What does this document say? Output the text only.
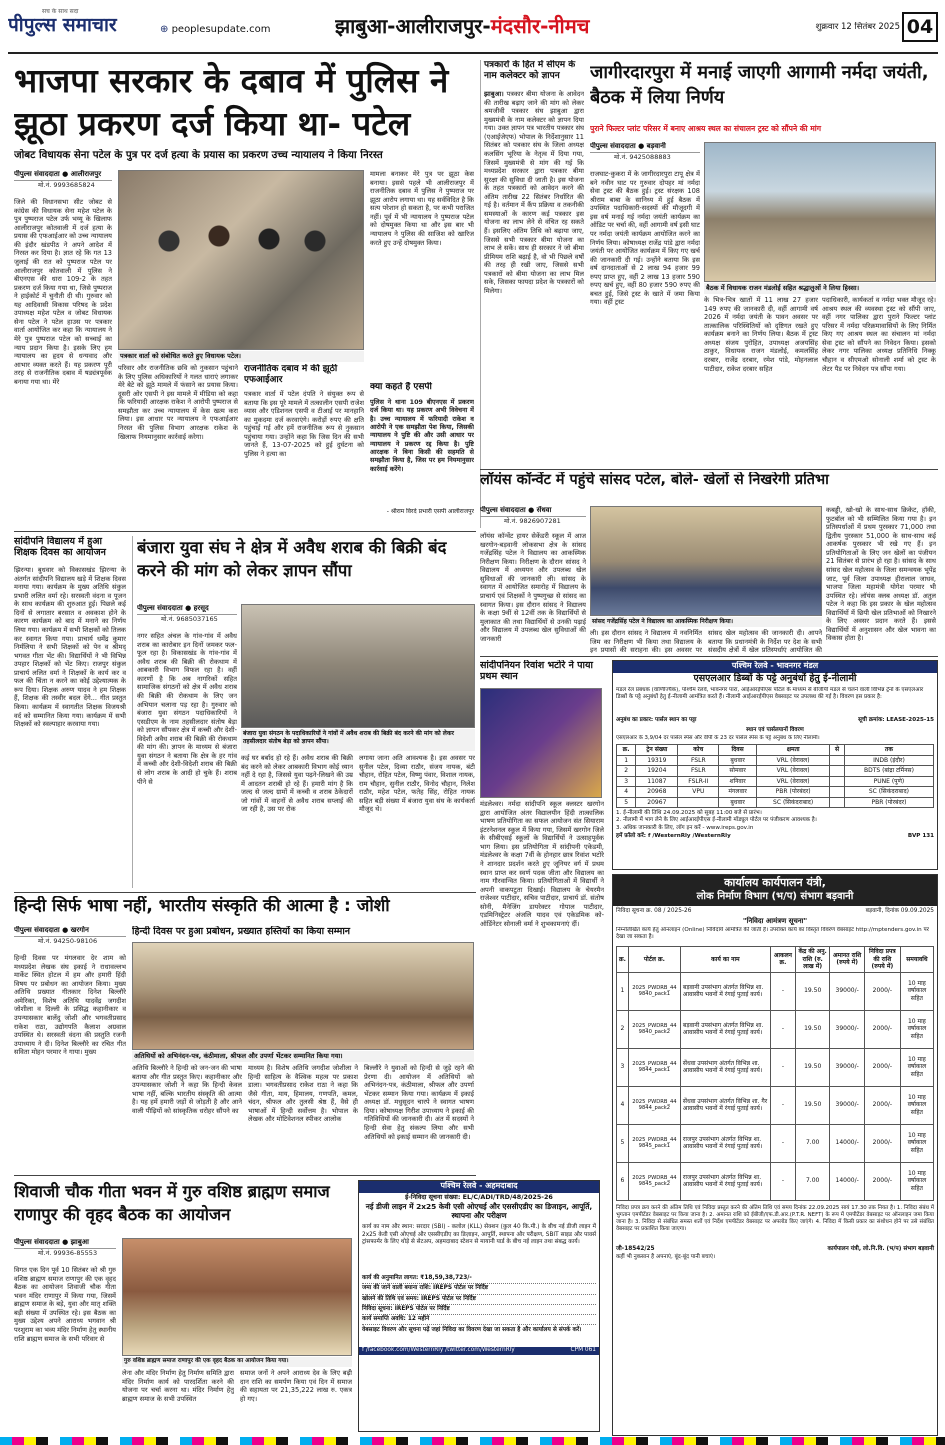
सच के साथ सदा
पीपुल्स समाचार	⊕ peoplesupdate.com	झाबुआ-आलीराजपुर-मंदसौर-नीमच	शुक्रवार 12 सितंबर 2025 04
भाजपा सरकार के दबाव में पुलिस ने झूठा प्रकरण दर्ज किया था- पटेल
जोबट विधायक सेना पटेल के पुत्र पर दर्ज हत्या के प्रयास का प्रकरण उच्च न्यायालय ने किया निरस्त
पीपुल्स संवाददाता ● आलीराजपुर
मो.नं. 9993685824
जिले की विधानसभा सीट जोबट से कांग्रेस की विधायक सेना महेश पटेल के पुत्र पुष्पराज पटेल उर्फ भय्यू के खिलाफ आलीराजपुर कोतवाली में दर्ज हत्या के प्रयास की एफआईआर को उच्च न्यायालय की इंदौर खंडपीठ ने अपने आदेश में निरस्त कर दिया है। ज्ञात रहे कि गत 13 जुलाई की रात को पुष्पराज पटेल पर आलीराजपुर कोतवाली में पुलिस ने बीएनएस की धारा 109-2 के तहत प्रकरण दर्ज किया गया था, जिसे पुष्पराज ने हाईकोर्ट में चुनौती दी थी। गुरुवार को यह आदिवासी विकास परिषद के प्रदेश उपाध्यक्ष महेश पटेल व जोबट विधायक सेना पटेल ने पटेल हाउस पर पत्रकार वार्ता आयोजित कर कहा कि न्यायालय ने मेरे पुत्र पुष्पराज पटेल को सच्चाई का न्याय प्रदान किया है। इसके लिए हम न्यायालय का हृदय से धन्यवाद और आभार व्यक्त करते हैं। यह प्रकरण पूरी तरह से राजनीतिक दबाव में षड्यंत्रपूर्वक बनाया गया था। मेरे
पत्रकार वार्ता को संबोधित करते हुए विधायक पटेल।
परिवार और राजनीतिक छवि को नुकसान पहुंचाने के लिए पुलिस अधिकारियों ने गलत धाराएं लगाकर मेरे बेटे को झूठे मामले में फंसाने का प्रयास किया। दूसरी ओर एसपी ने इस मामले में मीडिया को कहा कि फरियादी आरक्षक राकेश ने आरोपी पुष्पराज से समझौता कर उच्च न्यायालय में केस खत्म करा लिया। इस आधार पर न्यायालय ने एफआईआर निरस्त की पुलिस विभाग आरक्षक राकेश के खिलाफ नियमानुसार कार्रवाई करेगा।
राजनीतिक दबाव में की झूठी एफआईआर
पत्रकार वार्ता में पटेल दंपति ने संयुक्त रूप से बताया कि इस पूरे मामले में तत्कालीन एसपी राजेश व्यास और एडिशनल एसपी व टीआई पर मानहानि का मुकदमा दर्ज करवाएंगे। करोड़ों रुपए की क्षति पहुंचाई गई और हमें राजनीतिक रूप से नुकसान पहुंचाया गया। उन्होंने कहा कि जिस दिन की सभी जानते हैं, 13-07-2025 को हुई दुर्घटना को पुलिस ने हत्या का
मामला बनाकर मेरे पुत्र पर झूठा केस बनाया। इससे पहले भी आलीराजपुर में राजनीतिक दबाव में पुलिस ने पुष्पराज पर झूठा आरोप लगाया था। यह सर्वविदित है कि सत्य परेशान हो सकता है, पर कभी पराजित नहीं। पूर्व में भी न्यायालय ने पुष्पराज पटेल को दोषमुक्त किया था और इस बार भी न्यायालय ने पुलिस की साजिश को खारिज करते हुए उन्हें दोषमुक्त किया।
क्या कहते हैं एसपी
पुलिस ने थाना 109 बीएनएस में प्रकरण दर्ज किया था। यह प्रकरण अभी विवेचना में है। उच्च न्यायालय में फरियादी राकेश व आरोपी ने एक समझौता पेश किया, जिसकी न्यायालय ने पुष्टि की और उसी आधार पर न्यायालय ने प्रकरण रद्द किया है। पुष्टि आरक्षक ने बिना किसी की सहमति से समझौता किया है, जिस पर हम नियमानुसार कार्रवाई करेंगे।
- श्रीराम विरदे प्रभारी एसपी आलीराजपुर
पत्रकारों के हित में सीएम के नाम कलेक्टर को ज्ञापन
झाबुआ। पत्रकार बीमा योजना के आवेदन की तारीख बढ़ाए जाने की मांग को लेकर श्रमजीवी पत्रकार संघ झाबुआ द्वारा मुख्यमंत्री के नाम कलेक्टर को ज्ञापन दिया गया। उक्त ज्ञापन पत्र भारतीय पत्रकार संघ (एआईजेएफ) भोपाल के निर्देशानुसार 11 सितंबर को पत्रकार संघ के जिला अध्यक्ष कलसिंग भूरिया के नेतृत्व में दिया गया, जिसमें मुख्यमंत्री से मांग की गई कि मध्यप्रदेश सरकार द्वारा पत्रकार बीमा सुरक्षा की सुविधा दी जाती है। इस योजना के तहत पत्रकारों को आवेदन करने की अंतिम तारीख 22 सितंबर निर्धारित की गई है। वर्तमान में कैंप प्रक्रिया व तकनीकी समस्याओं के कारण कई पत्रकार इस योजना का लाभ लेने से वंचित रह सकते हैं। इसलिए अंतिम तिथि को बढ़ाया जाए, जिससे सभी पत्रकार बीमा योजना का लाभ ले सकें। साथ ही सरकार ने जो बीमा प्रीमियम राशि बढ़ाई है, वो भी पिछले वर्षों की तरह ही रखी जाए, जिससे सभी पत्रकारों को बीमा योजना का लाभ मिल सके, जिसका फायदा प्रदेश के पत्रकारों को मिलेगा।
जागीरदारपुरा में मनाई जाएगी आगामी नर्मदा जयंती, बैठक में लिया निर्णय
पुराने फिल्टर प्लांट परिसर में बनाए आश्रय स्थल का संचालन ट्रस्ट को सौंपने की मांग
पीपुल्स संवाददाता ● बड़वानी
मो.नं. 9425088883
बैठक में विधायक राजन मंडलोई सहित श्रद्धालुओं ने लिया हिस्सा।
राजघाट-कुकरा में के जागीरदारपुरा टापू क्षेत्र में बने नवीन घाट पर गुरुवार दोपहर मां नर्मदा सेवा ट्रस्ट की बैठक हुई। ट्रस्ट संरक्षक 108 श्रीराम बाबा के सानिध्य में हुई बैठक में उपस्थित पदाधिकारी-सदस्यों की मौजूदगी में इस वर्ष मनाई गई नर्मदा जयंती कार्यक्रम का ऑडिट पर चर्चा की, वहीं आगामी वर्ष इसी घाट पर नर्मदा जयंती कार्यक्रम आयोजित करने का निर्णय लिया। कोषाध्यक्ष राजेंद्र पांडे द्वारा नर्मदा जयंती पर आयोजित कार्यक्रम में किए गए खर्च की जानकारी दी गई। उन्होंने बताया कि इस वर्ष दानदाताओं से 2 लाख 94 हजार 99 रुपए प्राप्त हुए, वहीं 2 लाख 13 हजार 590 रुपए खर्च हुए, वहीं 80 हजार 590 रुपए की बचत हुई, जिसे ट्रस्ट के खाते में जमा किया गया। वहीं ट्रस्ट	के भित्र-भित्र खातों में 11 लाख 27 हजार 149 रुपए की जानकारी दी, वहीं आगामी वर्ष 2026 में नर्मदा जयंती के पावन अवसर पर तात्कालिक परिस्थितियों को दृष्टिगत रखते हुए कार्यक्रम बनाने का निर्णय लिया। बैठक में ट्रस्ट अध्यक्ष संजय पुरोहित, उपाध्यक्ष अजयसिंह ठाकुर, विधायक राजन मंडलोई, कमलसिंह दरबार, राजेंद्र दरबार, रमेश पांडे, मोहनलाल पाटीदार, राकेश दरबार सहित
पदाधिकारी, कार्यकर्ता व नर्मदा भक्त मौजूद रहे। आश्रय स्थल की व्यवस्था ट्रस्ट को सौंपी जाए, वहीं नगर पालिका द्वारा पुराने फिल्टर प्लांट परिसर में नर्मदा परिक्रमावासियों के लिए निर्मित किए गए आश्रय स्थल का संचालन मां नर्मदा सेवा ट्रस्ट को सौंपने का निवेदन किया। इसको लेकर नगर पालिका अध्यक्ष प्रतिनिधि निक्कू चौहान व सीएमओ सोनाली शर्मा को ट्रस्ट के लेटर पैड पर निवेदन पत्र सौंपा गया।
लॉयंस कॉन्वेंट में पहुंचे सांसद पटेल, बोले- खेलों से निखरेगी प्रतिभा
पीपुल्स संवाददाता ● सेंधवा
मो.नं. 9826907281
लॉयंस कॉन्वेंट हायर सेकेंडरी स्कूल में आज खरगोन-बड़वानी लोकसभा क्षेत्र के सांसद गजेंद्रसिंह पटेल ने विद्यालय का आकस्मिक निरीक्षण किया। निरीक्षण के दौरान सांसद ने विद्यालय में अध्ययन और उपलब्ध खेल सुविधाओं की जानकारी ली। सांसद के स्वागत में आयोजित समारोह में विद्यालय के प्राचार्य एवं शिक्षकों ने पुष्पगुच्छ से सांसद का स्वागत किया। इस दौरान सांसद ने विद्यालय के कक्षा 9वीं से 12वीं तक के विद्यार्थियों से मुलाकात की तथा विद्यार्थियों से उनकी पढ़ाई और विद्यालय में उपलब्ध खेल सुविधाओं की जानकारी
सांसद गजेंद्रसिंह पटेल ने विद्यालय का आकस्मिक निरीक्षण किया।
ली। इस दौरान सांसद ने विद्यालय में नवनिर्मित जिम का निरीक्षण भी किया तथा विद्यालय के इन प्रयासों की सराहना की। इस अवसर पर
सांसद खेल महोत्सव की जानकारी दी। आपने बताया कि प्रधानमंत्री के निर्देश पर देश के सभी संसदीय क्षेत्रों में खेल प्रतिस्पर्धाएं आयोजित की
कबड्डी, खो-खो के साथ-साथ क्रिकेट, हॉकी, फुटबॉल को भी सम्मिलित किया गया है। इन प्रतिस्पर्धाओं में प्रथम पुरस्कार 71,000 तथा द्वितीय पुरस्कार 51,000 के साथ-साथ कई आकर्षक पुरस्कार भी रखे गए हैं। इन प्रतियोगिताओं के लिए जन खेलों का पंजीयन 21 सितंबर से प्रारंभ हो रहा है। सांसद के साथ सांसद खेल महोत्सव के जिला समन्वयक भूपेंद्र जाट, पूर्व जिला उपाध्यक्ष हीरालाल जाधव, भाजपा जिला महामंत्री योगेश परमार भी उपस्थित रहे। लॉयंस क्लब अध्यक्ष डॉ. अतुल पटेल ने कहा कि इस प्रकार के खेल महोत्सव विद्यार्थियों में छिपी खेल प्रतिभाओं को निखारने के लिए अवसर प्रदान करते हैं। इससे विद्यार्थियों में अनुशासन और खेल भावना का विकास होता है।
सांदीपनि विद्यालय में हुआ शिक्षक दिवस का आयोजन
झिरन्या। बुधवार को विकासखंड झिरन्या के अंतर्गत सांदीपनि विद्यालय खड़े में शिक्षक दिवस मनाया गया। कार्यक्रम के मुख्य अतिथि संकुल प्रभारी ललित वर्मा रहे। सरस्वती वंदना व पूजन के साथ कार्यक्रम की शुरुआत हुई। पिछले कई दिनों से लगातार बरसात व अवकाश होने के कारण कार्यक्रम को बाद में मनाने का निर्णय लिया गया। कार्यक्रम में सभी शिक्षकों को तिलक कर स्वागत किया गया। प्राचार्य धर्मेंद्र कुमार निर्मलिया ने सभी शिक्षकों को पेन व श्रीमद् भगवत गीता भेंट की। विद्यार्थियों ने भी विभिन्न उपहार शिक्षकों को भेंट किए। राजपुर संकुल प्राचार्य ललित वर्मा ने शिक्षकों के कार्य कर व फल की चिंता न करने का कोई उद्देश्यात्मक के रूप दिया। शिक्षक अरुण यादव ने हम शिक्षक हैं, शिक्षक की तस्वीर बदल देंगे... गीत प्रस्तुत किया। कार्यक्रम में स्वागतीत शिक्षक विजयश्री वर्द को सम्मानित किया गया। कार्यक्रम में सभी शिक्षकों को स्वल्पाहार करवाया गया।
बंजारा युवा संघ ने क्षेत्र में अवैध शराब की बिक्री बंद करने की मांग को लेकर ज्ञापन सौंपा
पीपुल्स संवाददाता ● हरसूद
मो.नं. 9685037165
नगर सहित अंचल के गांव-गांव में अवैध शराब का कारोबार इन दिनों जमकर फल-फूल रहा है। विकासखंड के गांव-गांव में अवैध शराब की बिक्री की रोकथाम में आबकारी विभाग विफल रहा है। वहीं कारणों है कि अब नागरिकों सहित सामाजिक संगठनों को क्षेत्र में अवैध शराब की बिक्री की रोकथाम के लिए जन अभियान चलाना पड़ रहा है। गुरुवार को बंजारा युवा संगठन पदाधिकारियों ने एसडीएम के नाम तहसीलदार संतोष बेड़ा को ज्ञापन सौंपकर क्षेत्र में कच्ची और देशी-विदेशी अवैध शराब की बिक्री की रोकथाम की मांग की। ज्ञापन के माध्यम से बंजारा युवा संगठन ने बताया कि क्षेत्र के हर गांव में कच्ची और देशी-विदेशी शराब की बिक्री से लोग शराब के आदी हो चुके हैं। शराब पीने से
बंजारा युवा संगठन के पदाधिकारियों ने गांवों में अवैध शराब की बिक्री बंद करने की मांग को लेकर तहसीलदार संतोष बेड़ा को ज्ञापन सौंपा।
कई घर बर्बाद हो रहे हैं। अवैध शराब की बिक्री बंद करने को लेकर आबकारी विभाग कोई ध्यान नहीं दे रहा है, जिससे युवा पढ़ने-लिखने की उम्र में आदतन शराबी हो रहे हैं। हमारी मांग है कि जल्द से जल्द ग्रामों में कच्ची व शराब ठेकेदारों जो गांवों में वाहनों से अवैध शराब सप्लाई की जा रही है, उस पर रोक
लगाया जाना अति आवश्यक है। इस अवसर पर सुनील पटेल, दिव्या राठौर, संजय नायक, बंटी चौहान, रोहित पटेल, विष्णु पंवार, विशाल नायक, राम चौहान, सुनील राठौर, विनोद चौहान, निलेश राठौर, महेश पटेल, फतेह सिंह, रोहित नायक सहित बड़ी संख्या में बंजारा युवा संघ के कार्यकर्ता मौजूद थे।
सांदीपनियन रिवांश भटोरे ने पाया प्रथम स्थान
मंडलेश्वर। नर्मदा सांदीपनि स्कूल क्लस्टर खरगोन द्वारा आयोजित अंतर विद्यालयीन हिंदी तात्कालिक भाषण प्रतियोगिता का सफल आयोजन संत सियाराम इंटरनेशनल स्कूल में किया गया, जिसमें खरगोन जिले के सीबीएसई स्कूलों के विद्यार्थियों ने उत्साहपूर्वक भाग लिया। इस प्रतियोगिता में सांदीपनी एकेडमी, मंडलेश्वर के कक्षा 7वीं के होनहार छात्र रिवांश भटोरे ने शानदार प्रदर्शन करते हुए जूनियर वर्ग में प्रथम स्थान प्राप्त कर स्वर्ण पदक जीता और विद्यालय का नाम गौरवान्वित किया। प्रतियोगिताओं में विद्यार्थी ने अपनी वाकपटुता दिखाई। विद्यालय के चेयरमैन राजेश्वर पाटीदार, सचिव पाटीदार, प्राचार्य डॉ. संतोष सोनी, मैनेजिंग डायरेक्टर गोपाल पाटीदार, एडमिनिस्ट्रेटर अंजलि यादव एवं एकेडमिक को-ऑर्डिनेटर सोनाली वर्मा ने शुभकामनाएं दीं।
पश्चिम रेलवे - भावनगर मंडल
एसएलआर डिब्बों के पट्टे अनुबंधों हेतु ई-नीलामी
मंडल रेल प्रबंधक (वाणिज्यिक), पश्चिम रेलवे, भावनगर पारा, आईआरईपीएस पोर्टल के माध्यम से बीजीपी मंडल से चलने वाली विभिन्न ट्रेनों के एसएलआर डिब्बों के पट्टे अनुबंधों हेतु ई-नीलामी आमंत्रित करते हैं। नीलामी आईआरईपीएस वेबसाइट पर उपलब्ध की गई है। विवरण इस प्रकार है:
अनुबंध का प्रकार: पार्सल स्थान का पट्टा	सूची क्रमांक: LEASE-2025-15
स्थान एवं पार्सलयानों विवरण
एसएलआर के 3,9/04 दर पार्सल स्पेस और वीपी के 23 दर पार्सल स्पेस के पट्टे अनुबंध के लिए नीलामी।
क्र.	ट्रेन संख्या	कोच	दिवस	क्षमता	से	तक
1	19319	FSLR	बुधवार	VRL (वेरावल)		INDB (इंदौर)
2	19204	FSLR	सोमवार	VRL (वेरावल)		BDTS (बांद्रा टर्मिनस)
3	11087	FSLR-II	शनिवार	VRL (वेरावल)		PUNE (पुणे)
4	20968	VPU	मंगलवार	PBR (पोरबंदर)		SC (सिकंदराबाद)
5	20967		बुधवार	SC (सिकंदराबाद)		PBR (पोरबंदर)
1. ई-नीलामी की तिथि 24.09.2025 को सुबह 11:00 बजे से प्रारंभ।
2. नीलामी में भाग लेने के लिए आईआरईपीएस ई-नीलामी मॉड्यूल पोर्टल पर पंजीकरण आवश्यक है।
3. अधिक जानकारी के लिए, लॉग इन करें - www.ireps.gov.in
हमें फ़ॉलो करें: f /WesternRly /WesternRly	BVP 131
कार्यालय कार्यपालन यंत्री,
लोक निर्माण विभाग (भ/प) संभाग बड़वानी
निविदा सूचना क्र. 08 / 2025-26	बड़वानी, दिनांक 09.09.2025
"निविदा आमंत्रण सूचना"
निम्नलिखित कार्य हेतु ऑनलाइन (Online) निविदायें आमंत्रित की जाती हैं। उपरोक्त कार्य का विस्तृत विवरण वेबसाइट http://mptenders.gov.in पर देखा जा सकता है।
क्र.	पोर्टल क्र.	कार्य का नाम	आकलन क्र.	केंद्र की अनु. राशि (रु. लाख में)	अमानत राशि (रुपये में)	निविदा प्रपत्र की राशि (रुपये में)	समयावधि
1	2025_PWDRB_449840_pack1	बड़वानी उपसंभाग अंतर्गत विभिन्न शा. आवासीय भवनों में रंगाई पुताई कार्य।	-	19.50	39000/-	2000/-	10 माह वर्षाकाल सहित
2	2025_PWDRB_449840_pack2	बड़वानी उपसंभाग अंतर्गत विभिन्न शा. आवासीय भवनों में रंगाई पुताई कार्य।	-	19.50	39000/-	2000/-	10 माह वर्षाकाल सहित
3	2025_PWDRB_449844_pack1	सेंधवा उपसंभाग अंतर्गत विभिन्न शा. आवासीय भवनों में रंगाई पुताई कार्य।	-	19.50	39000/-	2000/-	10 माह वर्षाकाल सहित
4	2025_PWDRB_449844_pack2	सेंधवा उपसंभाग अंतर्गत विभिन्न शा. गैर आवासीय भवनों में रंगाई पुताई कार्य।	-	19.50	39000/-	2000/-	10 माह वर्षाकाल सहित
5	2025_PWDRB_449845_pack1	राजपुर उपसंभाग अंतर्गत विभिन्न शा. आवासीय भवनों में रंगाई पुताई कार्य।	-	7.00	14000/-	2000/-	10 माह वर्षाकाल सहित
6	2025_PWDRB_449845_pack2	राजपुर उपसंभाग अंतर्गत विभिन्न शा. आवासीय भवनों में रंगाई पुताई कार्य।	-	7.00	14000/-	2000/-	10 माह वर्षाकाल सहित
निविदा प्रपत्र क्रय करने की अंतिम तिथि एवं निविदा प्रस्तुत करने की अंतिम तिथि एवं समय दिनांक 22.09.2025 सायं 17.30 तक नियत है। 1. निविदा संबंध में भुगतान एमपीटेंडर वेबसाइट पर किया जाना है। 2. अमानत राशि को ईबीजी/एफ.डी.आर.(P.T.R. NEFT) के रूप में एमपीटेंडर वेबसाइट पर ऑनलाइन जमा किया जाना है। 3. निविदा से संबंधित समस्त शर्तों एवं निर्देश एमपीटेंडर वेबसाइट पर अपलोड किए जाएंगे। 4. निविदा में किसी प्रकार का संशोधन होने पर उसे संबंधित वेबसाइट पर प्रकाशित किया जाएगा।
जी-18542/25	कार्यपालन यंत्री, लो.नि.वि. (भ/प) संभाग बड़वानी
कहीं भी नुकसान है अपनाएं, बूंद-बूंद पानी बचाएं।
हिन्दी सिर्फ भाषा नहीं, भारतीय संस्कृति की आत्मा है : जोशी
पीपुल्स संवाददाता ● खरगोन
मो.नं. 94250-98106
हिन्दी दिवस पर हुआ प्रबोधन, प्रख्यात हस्तियों का किया सम्मान
हिन्दी दिवस पर मंगलवार देर शाम को मध्यप्रदेश लेखक संघ इकाई ने राधावल्लभ मार्केट स्थित होटल में हम और हमारी हिंदी विषय पर प्रबोधन का आयोजन किया। मुख्य अतिथि प्रख्यात गीतकार दिनेश बिल्लौरे अमेरिका, विशेष अतिथि यादवेंद्र जगदीश जोशीला व दिल्ली के प्रसिद्ध कहानीकार व उपन्यासकार बालेंदु जोशी और भगवतीप्रसाद राकेश राठा, उद्योगपति कैलाश अग्रवाल उपस्थित थे। सरस्वती वंदना की प्रस्तुति रजनी उपाध्याय ने दी। दिनेश बिल्लौरे का रचित गीत सविता मोहन परमार ने गाया। मुख्य	अतिथियों को अभिनंदन-पत्र, कंठीमाला, श्रीफल और उपर्णा भेंटकर सम्मानित किया गया।
अतिथि बिल्लौरे ने हिन्दी को जन-जन की भाषा बताया और गीत प्रस्तुत किए। कहानीकार और उपन्यासकार जोशी ने कहा कि हिन्दी केवल भाषा नहीं, बल्कि भारतीय संस्कृति की आत्मा है। यह हमें हमारी जड़ों से जोड़ती है और आने वाली पीढ़ियों को सांस्कृतिक धरोहर सौंपने का
माध्यम है। विशेष अतिथि जगदीश जोशीला ने हिन्दी साहित्य के वैश्विक महत्व पर प्रकाश डाला। भगवतीप्रसाद राकेश राठा ने कहा कि जैसे गीता, माय, हिमालय, गणपति, कमल, चंदन, श्रीफल और तुलसी श्रेष्ठ हैं, वैसे ही भाषाओं में हिन्दी सर्वोत्तम है। भोपाल के लेखक और मोटिवेशनल स्पीकर आलोक
बिल्लौरे ने युवाओं को हिन्दी से जुड़े रहने की प्रेरणा दी। आयोजन में अतिथियों को अभिनंदन-पत्र, कंठीमाला, श्रीफल और उपर्णा भेंटकर सम्मान किया गया। कार्यक्रम में इकाई अध्यक्ष डॉ. मधुसूदन चारपे ने स्वागत भाषण दिया। कोषाध्यक्ष गिरीश उपाध्याय ने इकाई की गतिविधियों की जानकारी दी। अंत में सदस्यों ने हिन्दी सेवा हेतु संकल्प लिया और सभी अतिथियों को इकाई सम्मान की जानकारी दी।
शिवाजी चौक गीता भवन में गुरु वशिष्ठ ब्राह्मण समाज राणापुर की वृहद बैठक का आयोजन
पीपुल्स संवाददाता ● झाबुआ
मो.नं. 99936-85553
विगत एक दिन पूर्व 10 सितंबर को श्री गुरु वशिष्ठ ब्राह्मण समाज राणापुर की एक वृहद बैठक का आयोजन शिवाजी चौक गीता भवन मंदिर राणापुर में किया गया, जिसमें ब्राह्मण समाज के बड़े, युवा और मातृ शक्ति बड़ी संख्या में उपस्थित रहे। इस बैठक का मुख्य उद्देश्य अपने आराध्य भगवान श्री परशुराम का भव्य मंदिर निर्माण हेतु स्थानीय राशि ब्राह्मण समाज के सभी परिवार से
गुरु वशिष्ठ ब्राह्मण समाज राणापुर की एक वृहद बैठक का आयोजन किया गया।
लेना और मंदिर निर्माण हेतु निर्माण समिति द्वारा मंदिर निर्माण कार्य को पारदर्शिता करने की योजना पर चर्चा करना था। मंदिर निर्माण हेतु ब्राह्मण समाज के सभी उपस्थित
समाज जनों ने अपने आराध्य देव के लिए बढ़ी दान राशि का समर्पण किया एवं दिन में समाज की सहायता पर 21,35,222 लाख रु. एकत्र हो गए।
पश्चिम रेलवे - अहमदाबाद
ई-निविदा सूचना संख्या: EL/C/ADI/TRD/48/2025-26
नई डीजी लाइन में 2x25 केवी एसी ओएचई और एससीएडीए का डिजाइन, आपूर्ति, स्थापना और परीक्षण
कार्य का नाम और स्थान: सरदार (SBI) - कलोल (KLL) सेक्शन (कुल 40 कि.मी.) के बीच नई डीजी लाइन में 2x25 केवी एसी ओएचई और एससीएडीए का डिज़ाइन, आपूर्ति, स्थापना और परीक्षण, SBIT साइड और पावर्स ट्रांसफार्मर के लिए थोड़े से सेटअप, अहमदाबाद स्टेशन से मायानी यार्ड के बीच नई लाइन तथा संबद्ध कार्य।
कार्य की अनुमानित लागत: ₹18,59,38,723/-
जमा की जाने वाली बयाना राशि: IREPS पोर्टल पर निर्दिष्ट
खोलने की तिथि एवं समय: IREPS पोर्टल पर निर्दिष्ट
निविदा सूचना: IREPS पोर्टल पर निर्दिष्ट
कार्य समाप्ति अवधि: 12 महीने
वेबसाइट विवरण और सूचना पढ़ें जहां निविदा का विवरण देखा जा सकता है और कार्यालय से संपर्क करें।
f /facebook.com/WesternRly /twitter.com/WesternRly	CPM 061
